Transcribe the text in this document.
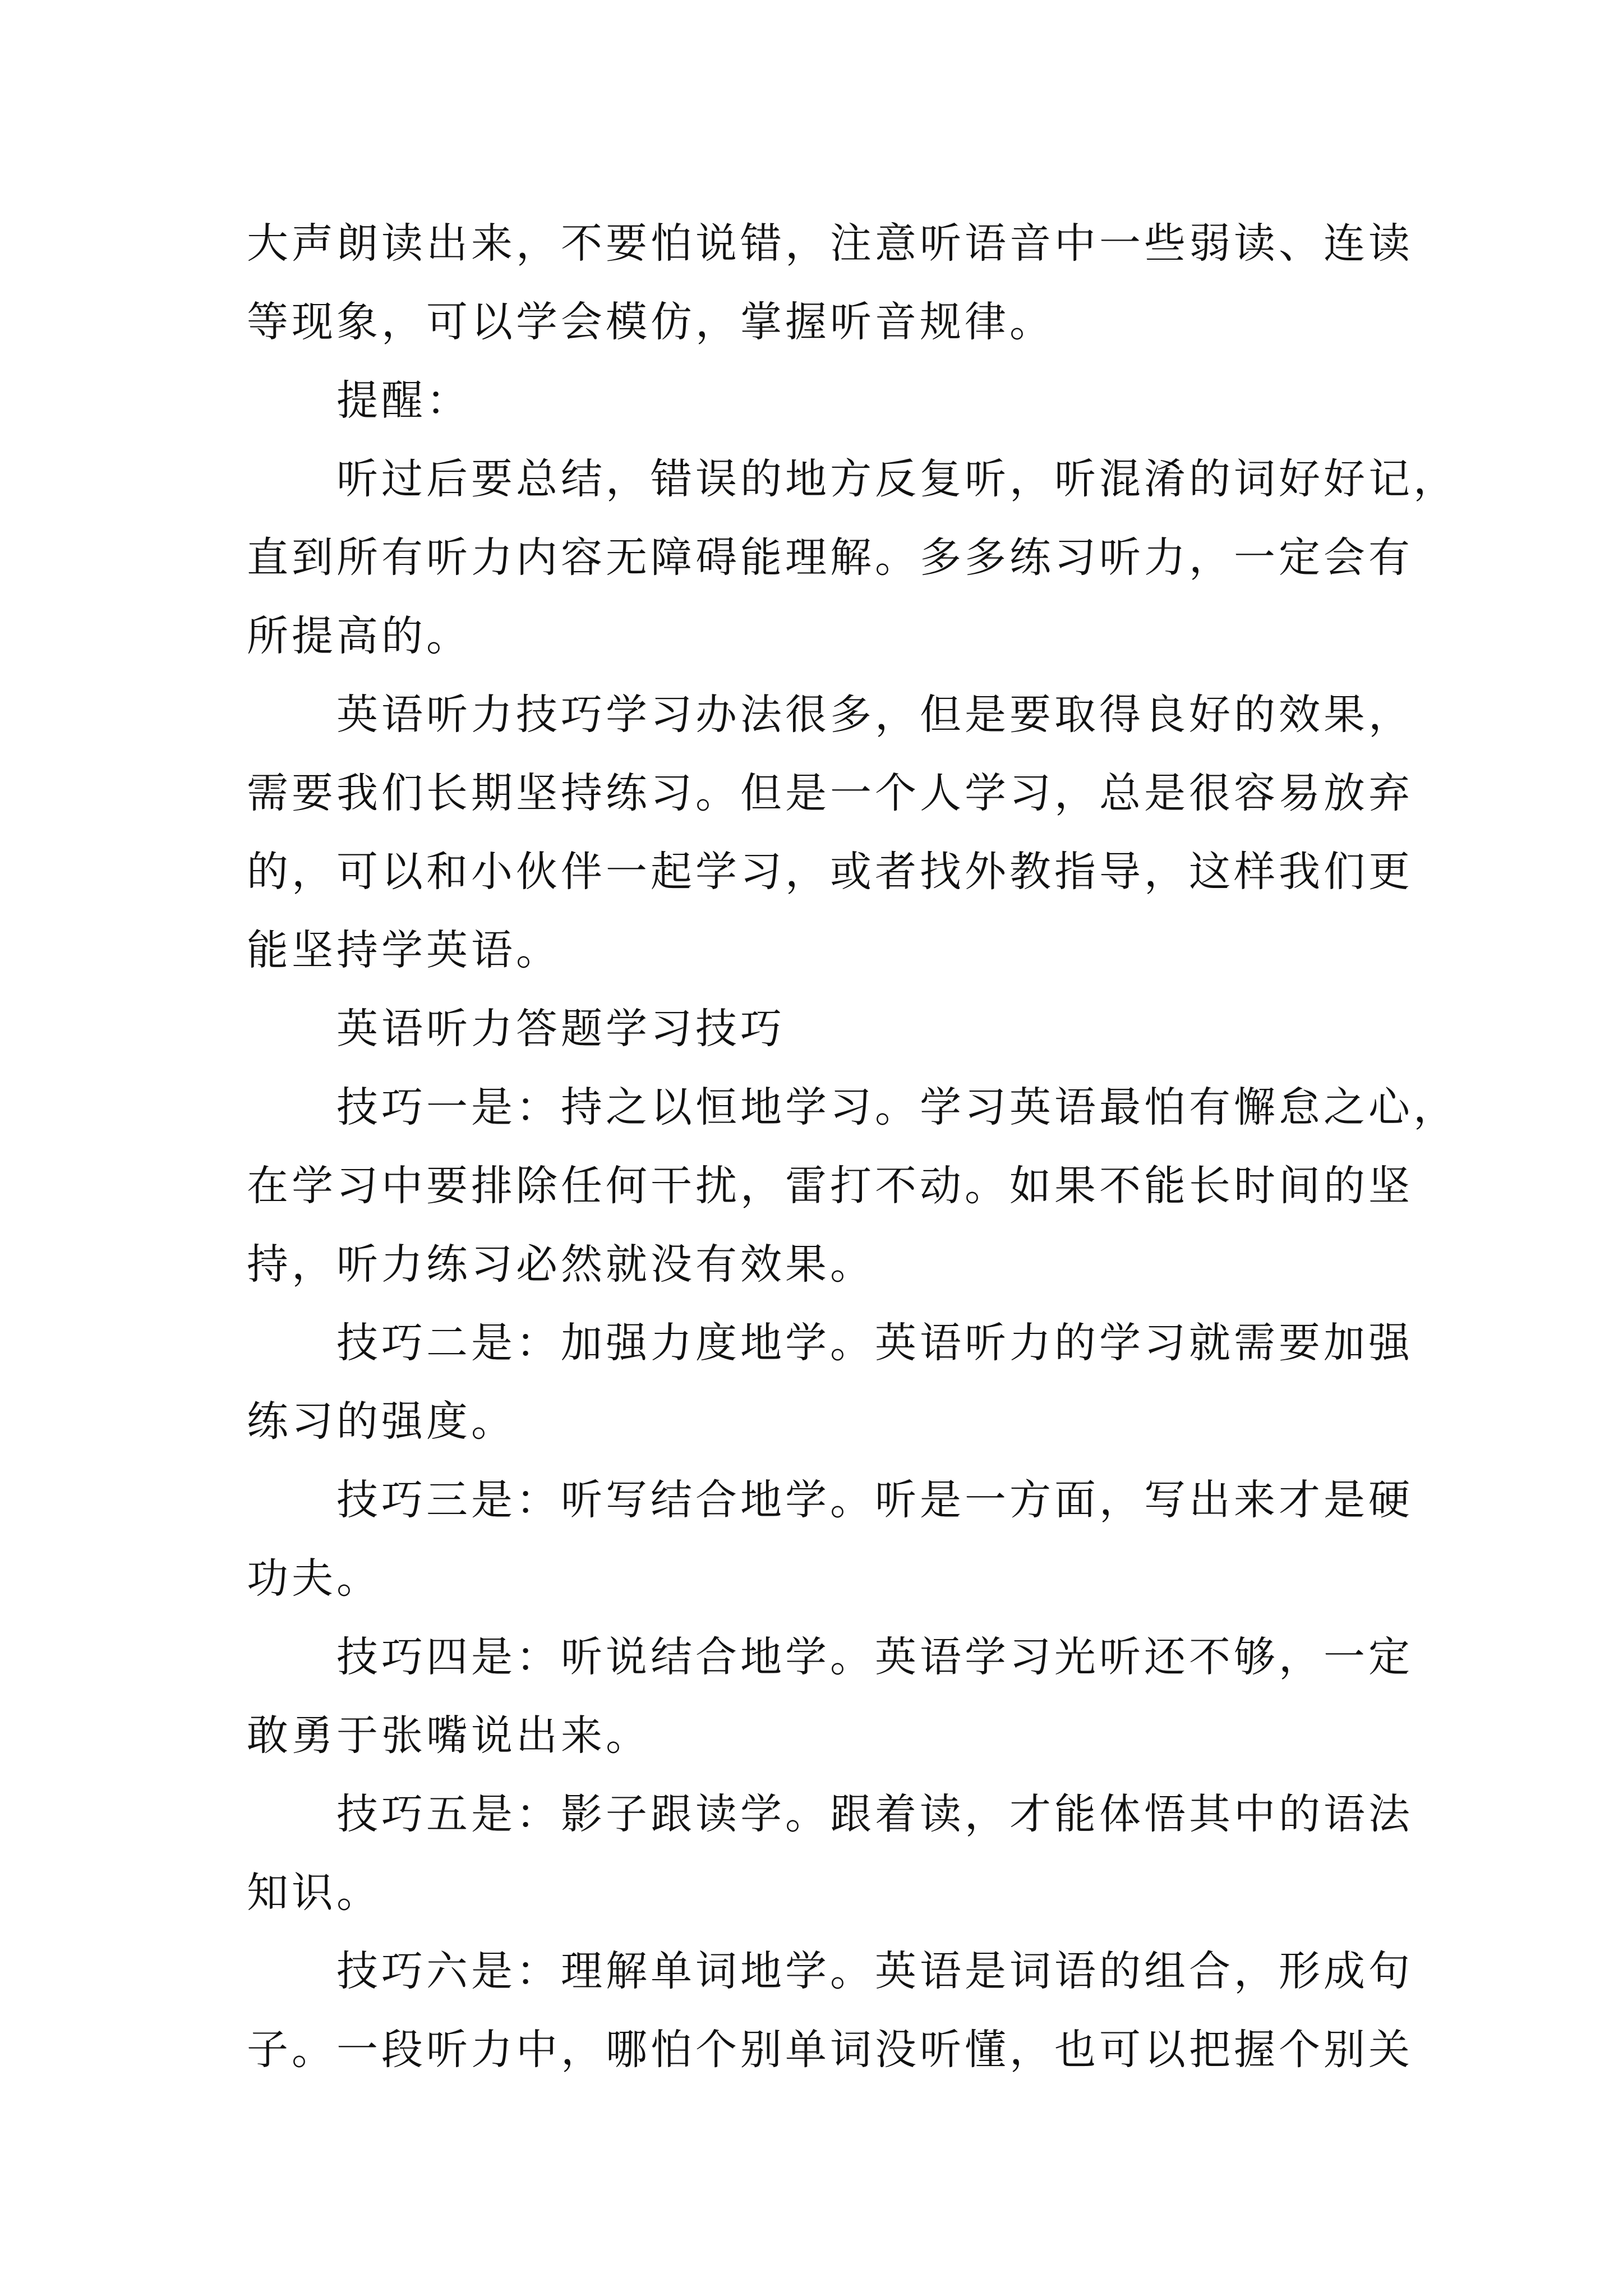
大声朗读出来，不要怕说错，注意听语音中一些弱读、连读
等现象，可以学会模仿，掌握听音规律。
提醒：
听过后要总结，错误的地方反复听，听混淆的词好好记，
直到所有听力内容无障碍能理解。多多练习听力，一定会有
所提高的。
英语听力技巧学习办法很多，但是要取得良好的效果，
需要我们长期坚持练习。但是一个人学习，总是很容易放弃
的，可以和小伙伴一起学习，或者找外教指导，这样我们更
能坚持学英语。
英语听力答题学习技巧
技巧一是：持之以恒地学习。学习英语最怕有懈怠之心，
在学习中要排除任何干扰，雷打不动。如果不能长时间的坚
持，听力练习必然就没有效果。
技巧二是：加强力度地学。英语听力的学习就需要加强
练习的强度。
技巧三是：听写结合地学。听是一方面，写出来才是硬
功夫。
技巧四是：听说结合地学。英语学习光听还不够，一定
敢勇于张嘴说出来。
技巧五是：影子跟读学。跟着读，才能体悟其中的语法
知识。
技巧六是：理解单词地学。英语是词语的组合，形成句
子。一段听力中，哪怕个别单词没听懂，也可以把握个别关
